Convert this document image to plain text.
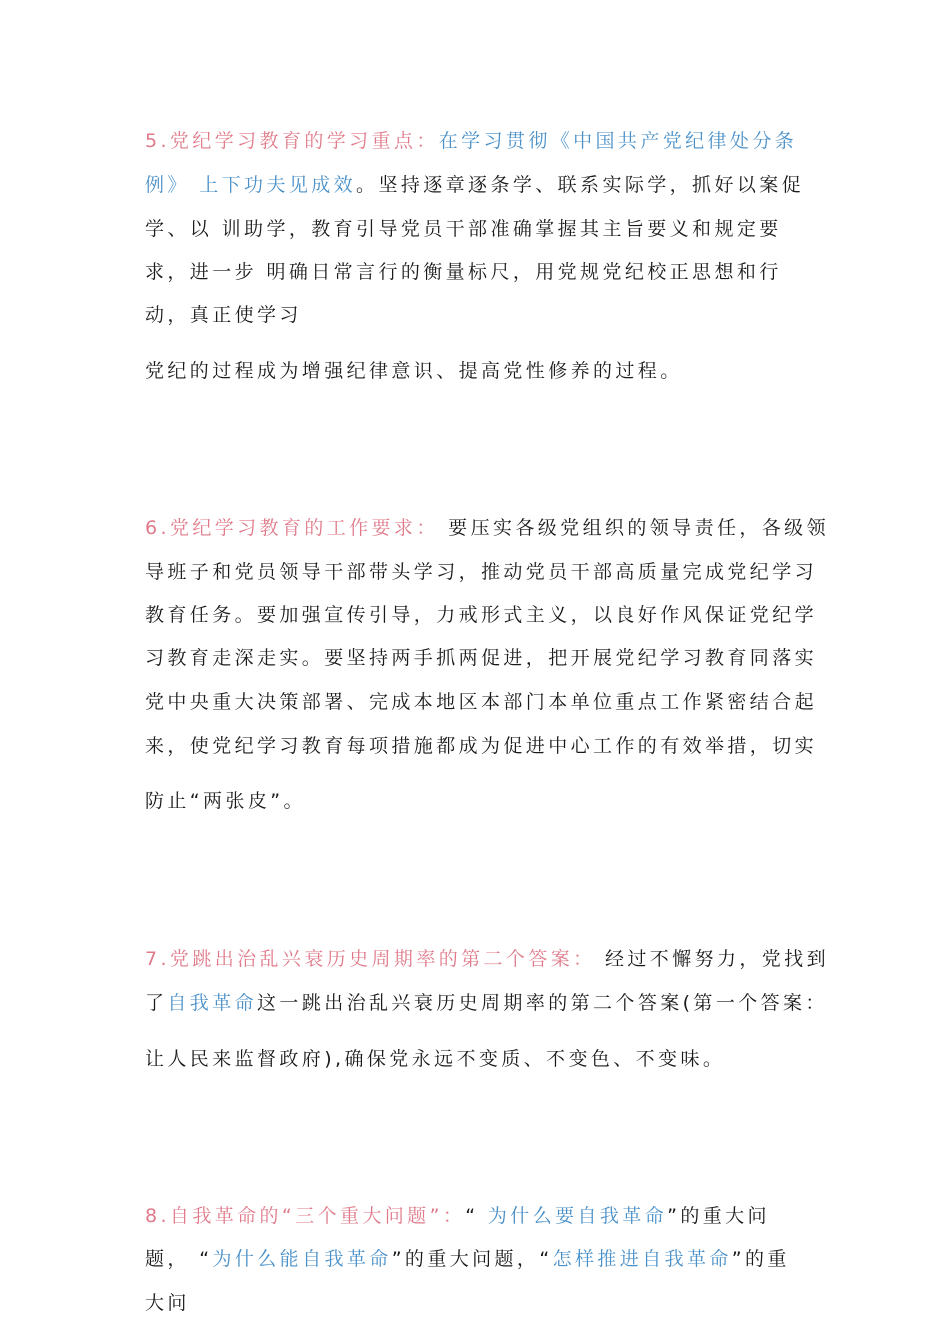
5.党纪学习教育的学习重点：在学习贯彻《中国共产党纪律处分条
例》 上下功夫见成效。坚持逐章逐条学、联系实际学，抓好以案促
学、以 训助学，教育引导党员干部准确掌握其主旨要义和规定要
求，进一步 明确日常言行的衡量标尺，用党规党纪校正思想和行
动，真正使学习
党纪的过程成为增强纪律意识、提高党性修养的过程。
6.党纪学习教育的工作要求： 要压实各级党组织的领导责任，各级领
导班子和党员领导干部带头学习，推动党员干部高质量完成党纪学习
教育任务。要加强宣传引导，力戒形式主义，以良好作风保证党纪学
习教育走深走实。要坚持两手抓两促进，把开展党纪学习教育同落实
党中央重大决策部署、完成本地区本部门本单位重点工作紧密结合起
来，使党纪学习教育每项措施都成为促进中心工作的有效举措，切实
防止“两张皮”。
7.党跳出治乱兴衰历史周期率的第二个答案： 经过不懈努力，党找到
了自我革命这一跳出治乱兴衰历史周期率的第二个答案(第一个答案：
让人民来监督政府),确保党永远不变质、不变色、不变味。
8.自我革命的“三个重大问题”：“ 为什么要自我革命”的重大问
题， “为什么能自我革命”的重大问题，“怎样推进自我革命”的重
大问
